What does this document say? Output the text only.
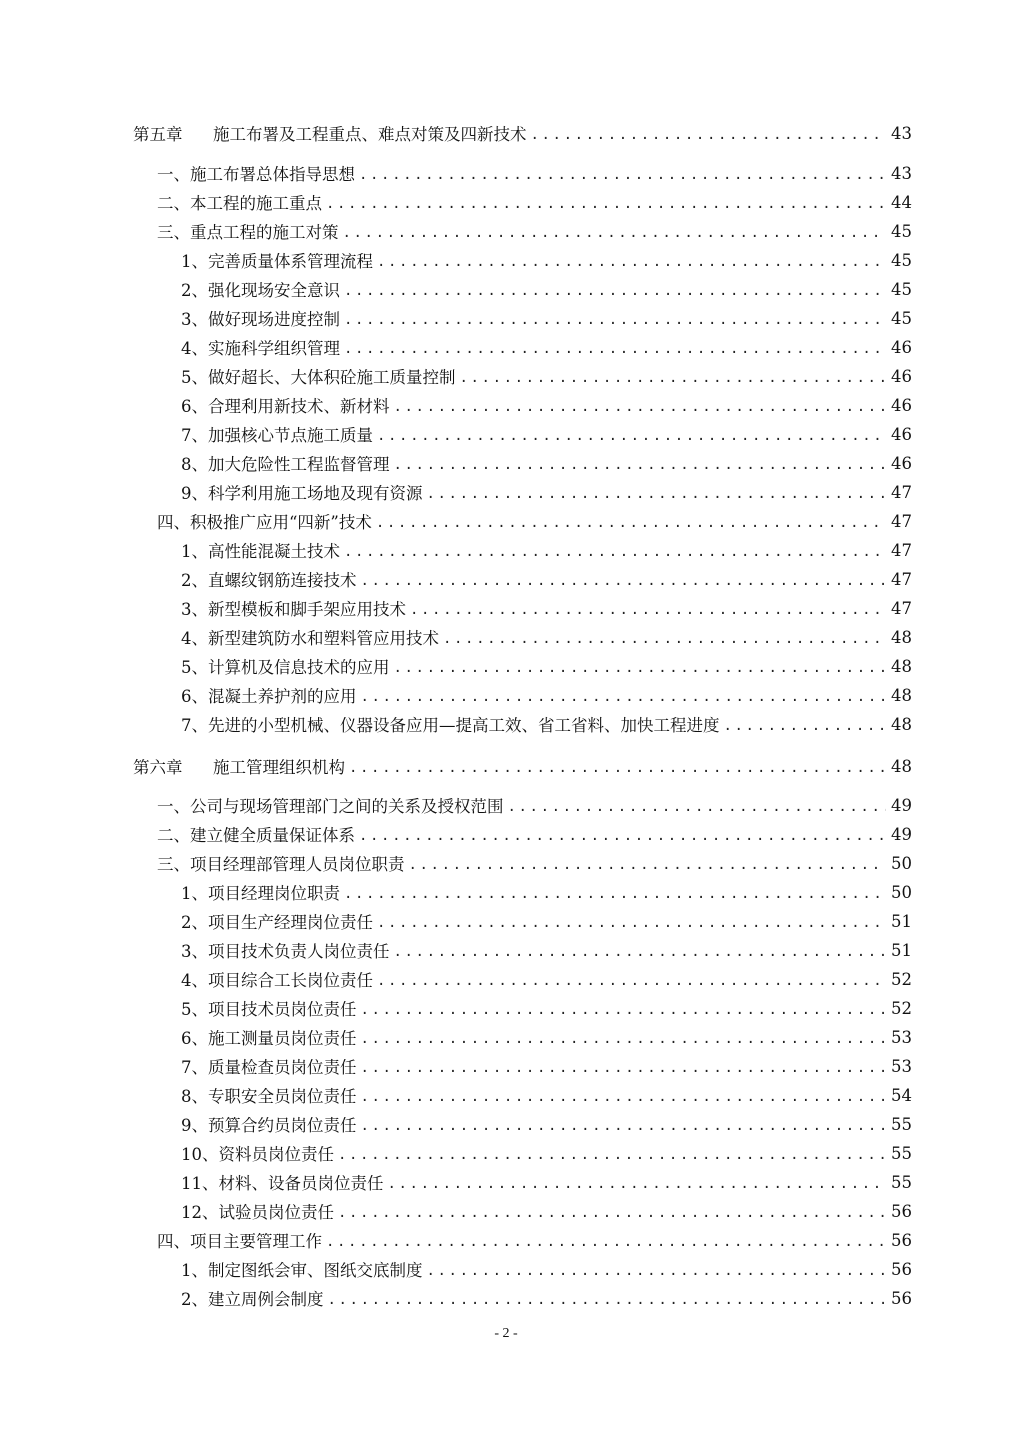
第五章 施工布署及工程重点、难点对策及四新技术 .....	43
一、施工布署总体指导思想 .....	43
二、本工程的施工重点 .....	44
三、重点工程的施工对策 .....	45
1、完善质量体系管理流程 .....	45
2、强化现场安全意识 .....	45
3、做好现场进度控制 .....	45
4、实施科学组织管理 .....	46
5、做好超长、大体积砼施工质量控制 .....	46
6、合理利用新技术、新材料 .....	46
7、加强核心节点施工质量 .....	46
8、加大危险性工程监督管理 .....	46
9、科学利用施工场地及现有资源 .....	47
四、积极推广应用“四新”技术 .....	47
1、高性能混凝土技术 .....	47
2、直螺纹钢筋连接技术 .....	47
3、新型模板和脚手架应用技术 .....	47
4、新型建筑防水和塑料管应用技术 .....	48
5、计算机及信息技术的应用 .....	48
6、混凝土养护剂的应用 .....	48
7、先进的小型机械、仪器设备应用—提高工效、省工省料、加快工程进度 .....	48
第六章 施工管理组织机构 .....	48
一、公司与现场管理部门之间的关系及授权范围 .....	49
二、建立健全质量保证体系 .....	49
三、项目经理部管理人员岗位职责 .....	50
1、项目经理岗位职责 .....	50
2、项目生产经理岗位责任 .....	51
3、项目技术负责人岗位责任 .....	51
4、项目综合工长岗位责任 .....	52
5、项目技术员岗位责任 .....	52
6、施工测量员岗位责任 .....	53
7、质量检查员岗位责任 .....	53
8、专职安全员岗位责任 .....	54
9、预算合约员岗位责任 .....	55
10、资料员岗位责任 .....	55
11、材料、设备员岗位责任 .....	55
12、试验员岗位责任 .....	56
四、项目主要管理工作 .....	56
1、制定图纸会审、图纸交底制度 .....	56
2、建立周例会制度 .....	56
- 2 -
